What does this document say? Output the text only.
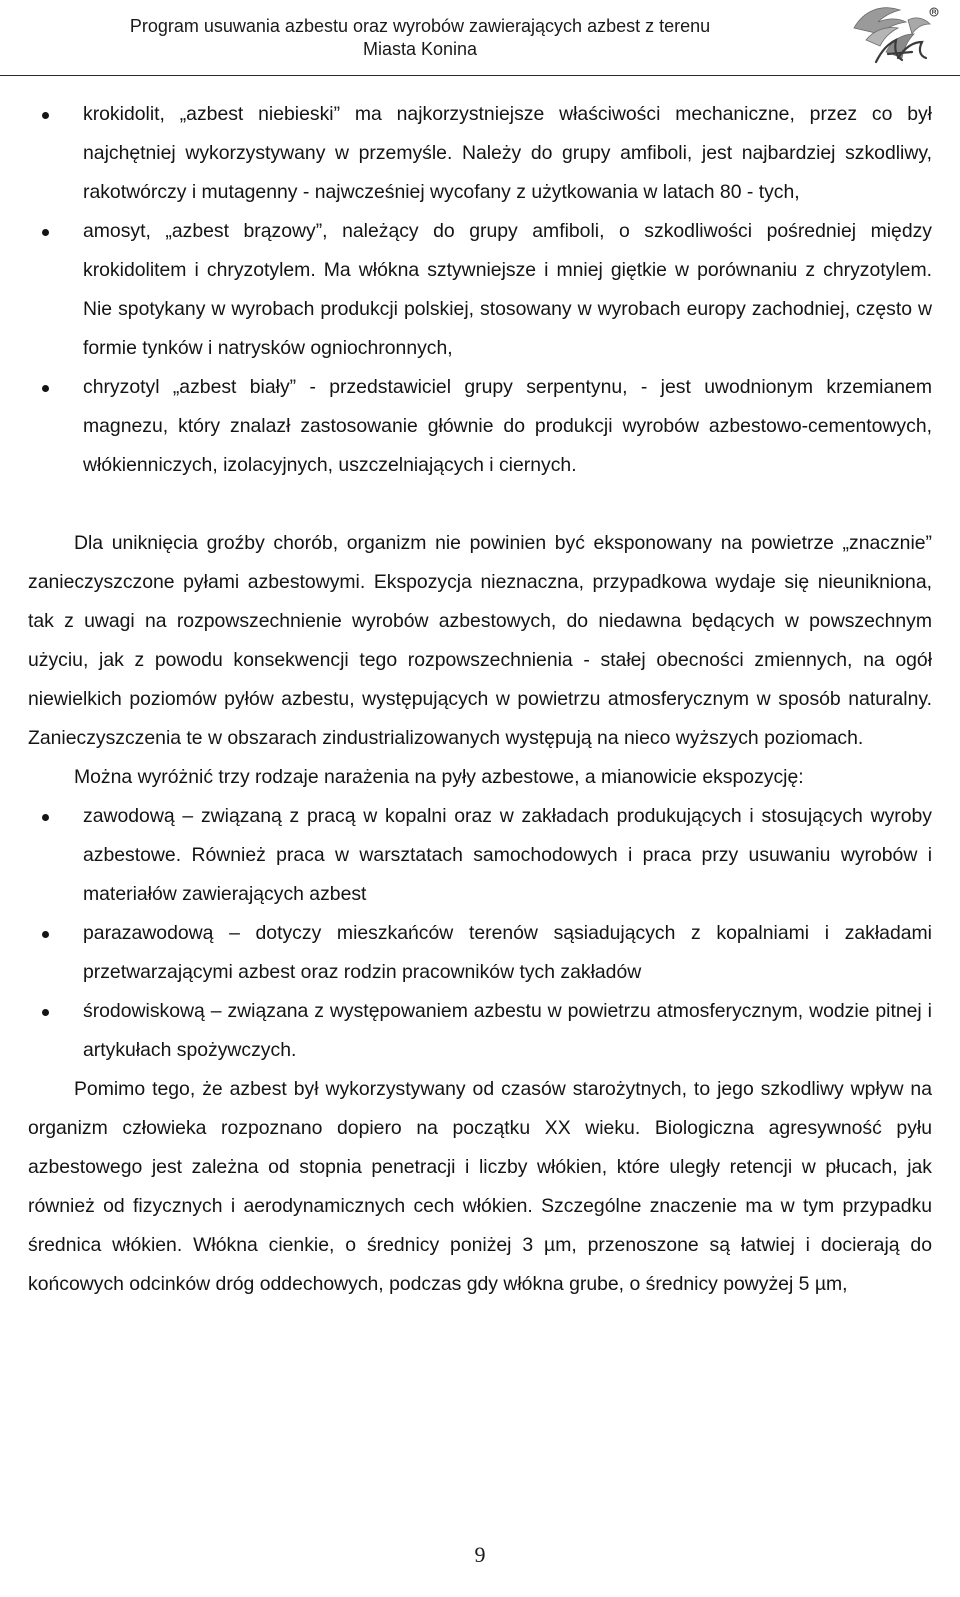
Program usuwania azbestu oraz wyrobów zawierających azbest z terenu
Miasta Konina
krokidolit, „azbest niebieski” ma najkorzystniejsze właściwości mechaniczne, przez co był najchętniej wykorzystywany w przemyśle. Należy do grupy amfiboli, jest najbardziej szkodliwy, rakotwórczy i mutagenny - najwcześniej wycofany z użytkowania w latach 80 - tych,
amosyt, „azbest brązowy”, należący do grupy amfiboli, o szkodliwości pośredniej między krokidolitem i chryzotylem. Ma włókna sztywniejsze i mniej giętkie w porównaniu z chryzotylem. Nie spotykany w wyrobach produkcji polskiej, stosowany w wyrobach europy zachodniej, często w formie tynków i natrysków ogniochronnych,
chryzotyl „azbest biały” - przedstawiciel grupy serpentynu, - jest uwodnionym krzemianem magnezu, który znalazł zastosowanie głównie do produkcji wyrobów azbestowo-cementowych, włókienniczych, izolacyjnych, uszczelniających i ciernych.

Dla uniknięcia groźby chorób, organizm nie powinien być eksponowany na powietrze „znacznie” zanieczyszczone pyłami azbestowymi. Ekspozycja nieznaczna, przypadkowa wydaje się nieunikniona, tak z uwagi na rozpowszechnienie wyrobów azbestowych, do niedawna będących w powszechnym użyciu, jak z powodu konsekwencji tego rozpowszechnienia - stałej obecności zmiennych, na ogół niewielkich poziomów pyłów azbestu, występujących w powietrzu atmosferycznym w sposób naturalny. Zanieczyszczenia te w obszarach zindustrializowanych występują na nieco wyższych poziomach.

Można wyróżnić trzy rodzaje narażenia na pyły azbestowe, a mianowicie ekspozycję:

zawodową – związaną z pracą w kopalni oraz w zakładach produkujących i stosujących wyroby azbestowe. Również praca w warsztatach samochodowych i praca przy usuwaniu wyrobów i materiałów zawierających azbest
parazawodową – dotyczy mieszkańców terenów sąsiadujących z kopalniami i zakładami przetwarzającymi azbest oraz rodzin pracowników tych zakładów
środowiskową – związana z występowaniem azbestu w powietrzu atmosferycznym, wodzie pitnej i artykułach spożywczych.

Pomimo tego, że azbest był wykorzystywany od czasów starożytnych, to jego szkodliwy wpływ na organizm człowieka rozpoznano dopiero na początku XX wieku. Biologiczna agresywność pyłu azbestowego jest zależna od stopnia penetracji i liczby włókien, które uległy retencji w płucach, jak również od fizycznych i aerodynamicznych cech włókien. Szczególne znaczenie ma w tym przypadku średnica włókien. Włókna cienkie, o średnicy poniżej 3 µm, przenoszone są łatwiej i docierają do końcowych odcinków dróg oddechowych, podczas gdy włókna grube, o średnicy powyżej 5 µm,

9
